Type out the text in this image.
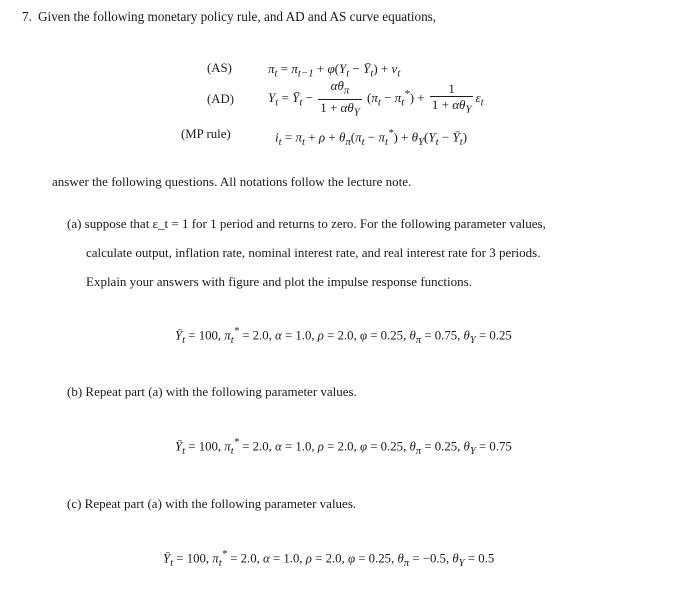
7. Given the following monetary policy rule, and AD and AS curve equations,
(AS)	$\pi_t = \pi_{t-1} + \varphi(Y_t$ − $Ȳ_t) + v_t$
(AD)	$Y_t$ = $Ȳ_t - \frac{\alpha\theta_\pi}{1 + \alpha\theta_Y} (\pi_t - \pi_t^*) + \frac{1}{1 + \alpha\theta_Y} \varepsilon_t$
(MP rule)	$i_t = \pi_t + \rho + \theta_\pi(\pi_t - \pi_t^*) + \theta_Y(Y_t$ − $Ȳ_t$)
answer the following questions. All notations follow the lecture note.
(a) suppose that ε_t = 1 for 1 period and returns to zero. For the following parameter values,
calculate output, inflation rate, nominal interest rate, and real interest rate for 3 periods.
Explain your answers with figure and plot the impulse response functions.
$Ȳ_t = 100$, $\pi_t^* = 2.0$, α = 1.0, ρ = 2.0, φ = 0.25, $\theta_\pi = 0.75$, $\theta_Y = 0.25$
(b) Repeat part (a) with the following parameter values.
$Ȳ_t = 100$, $\pi_t^* = 2.0$, α = 1.0, ρ = 2.0, φ = 0.25, $\theta_\pi = 0.25$, $\theta_Y = 0.75$
(c) Repeat part (a) with the following parameter values.
$Ȳ_t = 100$, $\pi_t^* = 2.0$, α = 1.0, ρ = 2.0, φ = 0.25, $\theta_\pi = -0.5$, $\theta_Y = 0.5$
